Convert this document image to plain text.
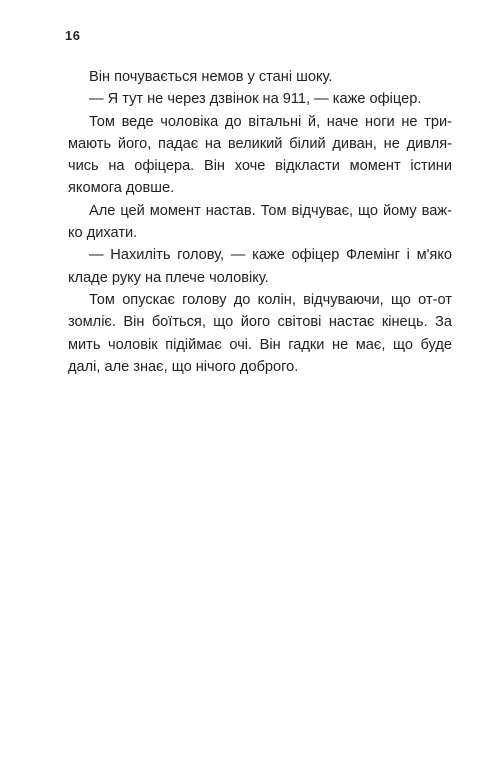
16
Він почувається немов у стані шоку.
— Я тут не через дзвінок на 911, — каже офіцер.
Том веде чоловіка до вітальні й, наче ноги не три-
мають його, падає на великий білий диван, не дивля-
чись на офіцера. Він хоче відкласти момент істини
якомога довше.
Але цей момент настав. Том відчуває, що йому важ-
ко дихати.
— Нахиліть голову, — каже офіцер Флемінг і м'яко
кладе руку на плече чоловіку.
Том опускає голову до колін, відчуваючи, що от-от
зомліє. Він боїться, що його світові настає кінець. За
мить чоловік підіймає очі. Він гадки не має, що буде
далі, але знає, що нічого доброго.
